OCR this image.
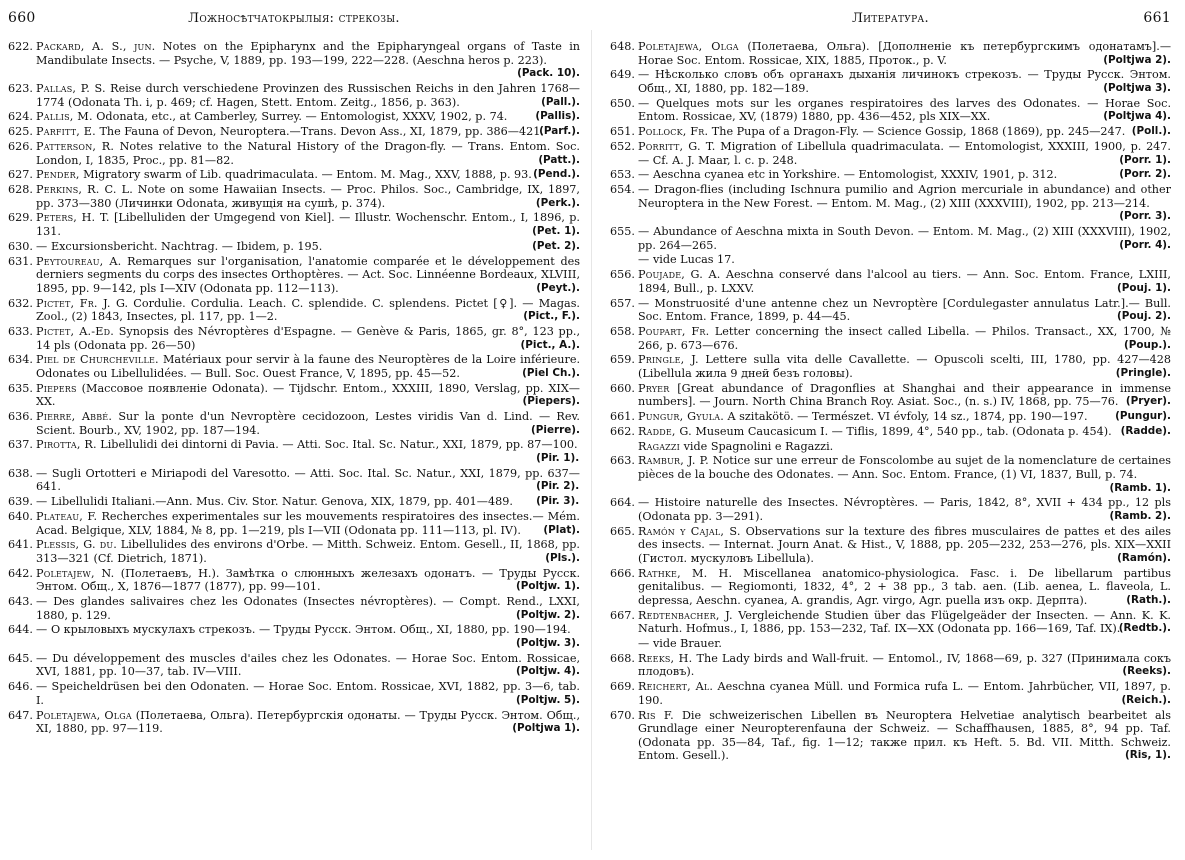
660	Ложносѣтчатокрылыя: стрекозы.
622. Packard, A. S., jun. Notes on the Epipharynx and the Epipharyngeal organs of Taste in Mandibulate Insects. — Psyche, V, 1889, pp. 193—199, 222—228. (Aeschna heros p. 223).
(Pack. 10).
623. Pallas, P. S. Reise durch verschiedene Provinzen des Russischen Reichs in den Jahren 1768—1774 (Odonata Th. i, p. 469; cf. Hagen, Stett. Entom. Zeitg., 1856, p. 363).	(Pall.).
624. Pallis, M. Odonata, etc., at Camberley, Surrey. — Entomologist, XXXV, 1902, p. 74.	(Pallis).
625. Parfitt, E. The Fauna of Devon, Neuroptera.—Trans. Devon Ass., XI, 1879, pp. 386—421.
(Parf.).
626. Patterson, R. Notes relative to the Natural History of the Dragon-fly. — Trans. Entom. Soc. London, I, 1835, Proc., pp. 81—82.	(Patt.).
627. Pender, Migratory swarm of Lib. quadrimaculata. — Entom. M. Mag., XXV, 1888, p. 93. (Pend.).
628. Perkins, R. C. L. Note on some Hawaiian Insects. — Proc. Philos. Soc., Cambridge, IX, 1897, pp. 373—380 (Личинки Odonata, живущія на сушѣ, p. 374).	(Perk.).
629. Peters, H. T. [Libelluliden der Umgegend von Kiel]. — Illustr. Wochenschr. Entom., I, 1896, p. 131.	(Pet. 1).
630. — Excursionsbericht. Nachtrag. — Ibidem, p. 195.	(Pet. 2).
631. Peytoureau, A. Remarques sur l'organisation, l'anatomie comparée et le développement des derniers segments du corps des insectes Orthoptères. — Act. Soc. Linnéenne Bordeaux, XLVIII, 1895, pp. 9—142, pls I—XIV (Odonata pp. 112—113).	(Peyt.).
632. Pictet, Fr. J. G. Cordulie. Cordulia. Leach. C. splendide. C. splendens. Pictet [♀]. — Magas. Zool., (2) 1843, Insectes, pl. 117, pp. 1—2.	(Pict., F.).
633. Pictet, A.-Ed. Synopsis des Névroptères d'Espagne. — Genève & Paris, 1865, gr. 8°, 123 pp., 14 pls (Odonata pp. 26—50)	(Pict., A.).
634. Piel de Churcheville. Matériaux pour servir à la faune des Neuroptères de la Loire inférieure. Odonates ou Libellulidées. — Bull. Soc. Ouest France, V, 1895, pp. 45—52.	(Piel Ch.).
635. Piepers (Массовое появленіе Odonata). — Tijdschr. Entom., XXXIII, 1890, Verslag, pp. XIX—XX.	(Piepers).
636. Pierre, Abbé. Sur la ponte d'un Nevroptère cecidozoon, Lestes viridis Van d. Lind. — Rev. Scient. Bourb., XV, 1902, pp. 187—194.	(Pierre).
637. Pirotta, R. Libellulidi dei dintorni di Pavia. — Atti. Soc. Ital. Sc. Natur., XXI, 1879, pp. 87—100.
(Pir. 1).
638. — Sugli Ortotteri e Miriapodi del Varesotto. — Atti. Soc. Ital. Sc. Natur., XXI, 1879, pp. 637—641.	(Pir. 2).
639. — Libellulidi Italiani.—Ann. Mus. Civ. Stor. Natur. Genova, XIX, 1879, pp. 401—489. (Pir. 3).
640. Plateau, F. Recherches experimentales sur les mouvements respiratoires des insectes.— Mém. Acad. Belgique, XLV, 1884, № 8, pp. 1—219, pls I—VII (Odonata pp. 111—113, pl. IV). (Plat).
641. Plessis, G. du. Libellulides des environs d'Orbe. — Mitth. Schweiz. Entom. Gesell., II, 1868, pp. 313—321 (Cf. Dietrich, 1871).	(Pls.).
642. Poletajew, N. (Полетаевъ, Н.). Замѣтка о слюнныхъ железахъ одонатъ. — Труды Русск. Энтом. Общ., X, 1876—1877 (1877), pp. 99—101.	(Poltjw. 1).
643. — Des glandes salivaires chez les Odonates (Insectes névroptères). — Compt. Rend., LXXI, 1880, p. 129.	(Poltjw. 2).
644. — О крыловыхъ мускулахъ стрекозъ. — Труды Русск. Энтом. Общ., XI, 1880, pp. 190—194.
(Poltjw. 3).
645. — Du développement des muscles d'ailes chez les Odonates. — Horae Soc. Entom. Rossicae, XVI, 1881, pp. 10—37, tab. IV—VIII.	(Poltjw. 4).
646. — Speicheldrüsen bei den Odonaten. — Horae Soc. Entom. Rossicae, XVI, 1882, pp. 3—6, tab. I.	(Poltjw. 5).
647. Poletajewa, Olga (Полетаева, Ольга). Петербургскія одонаты. — Труды Русск. Энтом. Общ., XI, 1880, pp. 97—119.	(Poltjwa 1).
Литература.	661
648. Poletajewa, Olga (Полетаева, Ольга). [Дополненіе къ петербургскимъ одонатамъ].— Horae Soc. Entom. Rossicae, XIX, 1885, Проток., p. V.	(Poltjwa 2).
649. — Нѣсколько словъ объ органахъ дыханія личинокъ стрекозъ. — Труды Русск. Энтом. Общ., XI, 1880, pp. 182—189.	(Poltjwa 3).
650. — Quelques mots sur les organes respiratoires des larves des Odonates. — Horae Soc. Entom. Rossicae, XV, (1879) 1880, pp. 436—452, pls XIX—XX.	(Poltjwa 4).
651. Pollock, Fr. The Pupa of a Dragon-Fly. — Science Gossip, 1868 (1869), pp. 245—247. (Poll.).
652. Porritt, G. T. Migration of Libellula quadrimaculata. — Entomologist, XXXIII, 1900, p. 247. — Cf. A. J. Maar, l. c. p. 248.	(Porr. 1).
653. — Aeschna cyanea etc in Yorkshire. — Entomologist, XXXIV, 1901, p. 312.	(Porr. 2).
654. — Dragon-flies (including Ischnura pumilio and Agrion mercuriale in abundance) and other Neuroptera in the New Forest. — Entom. M. Mag., (2) XIII (XXXVIII), 1902, pp. 213—214.
(Porr. 3).
655. — Abundance of Aeschna mixta in South Devon. — Entom. M. Mag., (2) XIII (XXXVIII), 1902, pp. 264—265.	(Porr. 4).
— vide Lucas 17.
656. Poujade, G. A. Aeschna conservé dans l'alcool au tiers. — Ann. Soc. Entom. France, LXIII, 1894, Bull., p. LXXV.	(Pouj. 1).
657. — Monstruosité d'une antenne chez un Nevroptère [Cordulegaster annulatus Latr.].— Bull. Soc. Entom. France, 1899, p. 44—45.	(Pouj. 2).
658. Poupart, Fr. Letter concerning the insect called Libella. — Philos. Transact., XX, 1700, № 266, p. 673—676.	(Poup.).
659. Pringle, J. Lettere sulla vita delle Cavallette. — Opuscoli scelti, III, 1780, pp. 427—428 (Libellula жила 9 дней безъ головы).	(Pringle).
660. Pryer [Great abundance of Dragonflies at Shanghai and their appearance in immense numbers]. — Journ. North China Branch Roy. Asiat. Soc., (n. s.) IV, 1868, pp. 75—76. (Pryer).
661. Pungur, Gyula. A szitakötö. — Természet. VI évfoly, 14 sz., 1874, pp. 190—197.	(Pungur).
662. Radde, G. Museum Caucasicum I. — Tiflis, 1899, 4°, 540 pp., tab. (Odonata p. 454). (Radde).
Ragazzi vide Spagnolini e Ragazzi.
663. Rambur, J. P. Notice sur une erreur de Fonscolombe au sujet de la nomenclature de certaines pièces de la bouche des Odonates. — Ann. Soc. Entom. France, (1) VI, 1837, Bull, p. 74.
(Ramb. 1).
664. — Histoire naturelle des Insectes. Névroptères. — Paris, 1842, 8°, XVII + 434 pp., 12 pls (Odonata pp. 3—291).	(Ramb. 2).
665. Ramón y Cajal, S. Observations sur la texture des fibres musculaires de pattes et des ailes des insects. — Internat. Journ Anat. & Hist., V, 1888, pp. 205—232, 253—276, pls. XIX—XXII (Гистол. мускуловъ Libellula).	(Ramón).
666. Rathke, M. H. Miscellanea anatomico-physiologica. Fasc. i. De libellarum partibus genitalibus. — Regiomonti, 1832, 4°, 2 + 38 pp., 3 tab. aen. (Lib. aenea, L. flaveola, L. depressa, Aeschn. cyanea, A. grandis, Agr. virgo, Agr. puella изъ окр. Дерпта).	(Rath.).
667. Redtenbacher, J. Vergleichende Studien über das Flügelgeäder der Insecten. — Ann. K. K. Naturh. Hofmus., I, 1886, pp. 153—232, Taf. IX—XX (Odonata pp. 166—169, Taf. IX).
(Redtb.).
— vide Brauer.
668. Reeks, H. The Lady birds and Wall-fruit. — Entomol., IV, 1868—69, p. 327 (Принимала сокъ плодовъ).	(Reeks).
669. Reichert, Al. Aeschna cyanea Müll. und Formica rufa L. — Entom. Jahrbücher, VII, 1897, p. 190.	(Reich.).
670. Ris F. Die schweizerischen Libellen въ Neuroptera Helvetiae analytisch bearbeitet als Grundlage einer Neuropterenfauna der Schweiz. — Schaffhausen, 1885, 8°, 94 pp. Taf. (Odonata pp. 35—84, Taf., fig. 1—12; также прил. къ Heft. 5. Bd. VII. Mitth. Schweiz. Entom. Gesell.).	(Ris, 1).
